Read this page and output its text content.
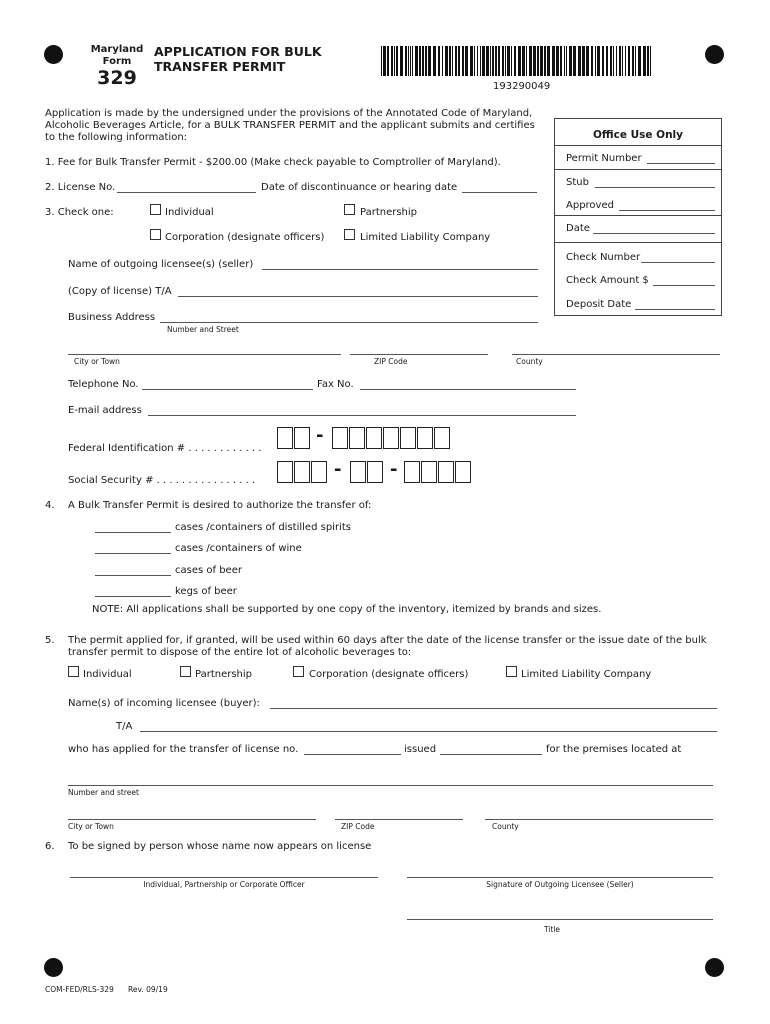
Maryland
Form
329
APPLICATION FOR BULK
TRANSFER PERMIT
193290049
Application is made by the undersigned under the provisions of the Annotated Code of Maryland,
Alcoholic Beverages Article, for a BULK TRANSFER PERMIT and the applicant submits and certifies
to the following information:	Office Use Only
Permit Number
Stub
Approved
Date
Check Number
Check Amount $
Deposit Date
1. Fee for Bulk Transfer Permit - $200.00 (Make check payable to Comptroller of Maryland).
2. License No.	Date of discontinuance or hearing date
3. Check one:	Individual	Partnership
Corporation (designate officers)	Limited Liability Company
Name of outgoing licensee(s) (seller)
(Copy of license) T/A
Business Address
Number and Street
City or Town	ZIP Code	County
Telephone No.	Fax No.
E-mail address
Federal Identification # . . . . . . . . . . . .
-
Social Security # . . . . . . . . . . . . . . . .
-	-
4. A Bulk Transfer Permit is desired to authorize the transfer of:
cases /containers of distilled spirits
cases /containers of wine
cases of beer
kegs of beer
NOTE: All applications shall be supported by one copy of the inventory, itemized by brands and sizes.
5. The permit applied for, if granted, will be used within 60 days after the date of the license transfer or the issue date of the bulk
transfer permit to dispose of the entire lot of alcoholic beverages to:
Individual	Partnership	Corporation (designate officers)	Limited Liability Company
Name(s) of incoming licensee (buyer):
T/A
who has applied for the transfer of license no.	issued	for the premises located at
Number and street
City or Town	ZIP Code	County
6. To be signed by person whose name now appears on license
Individual, Partnership or Corporate Officer	Signature of Outgoing Licensee (Seller)
Title
COM-FED/RLS-329 Rev. 09/19
